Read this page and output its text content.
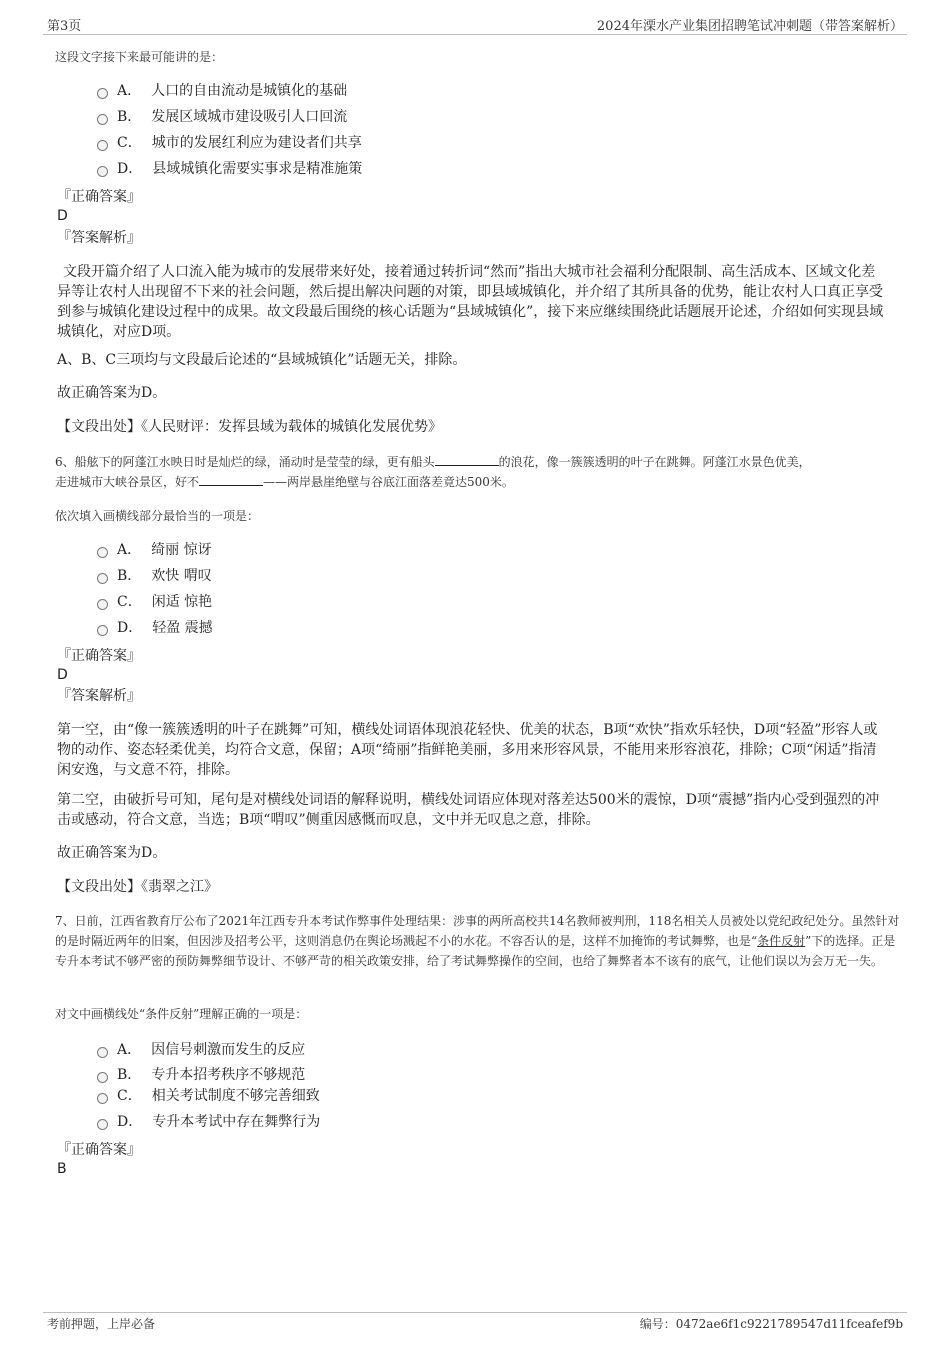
第3页	2024年溧水产业集团招聘笔试冲刺题（带答案解析）
这段文字接下来最可能讲的是：
A． 人口的自由流动是城镇化的基础
B． 发展区域城市建设吸引人口回流
C． 城市的发展红利应为建设者们共享
D． 县域城镇化需要实事求是精准施策
『正确答案』
D
『答案解析』
文段开篇介绍了人口流入能为城市的发展带来好处，接着通过转折词“然而”指出大城市社会福利分配限制、高生活成本、区域文化差异等让农村人出现留不下来的社会问题，然后提出解决问题的对策，即县域城镇化，并介绍了其所具备的优势，能让农村人口真正享受到参与城镇化建设过程中的成果。故文段最后围绕的核心话题为“县域城镇化”，接下来应继续围绕此话题展开论述，介绍如何实现县域城镇化，对应D项。
A、B、C三项均与文段最后论述的“县域城镇化”话题无关，排除。
故正确答案为D。
【文段出处】《人民财评：发挥县域为载体的城镇化发展优势》
6、船舷下的阿蓬江水映日时是灿烂的绿，涌动时是莹莹的绿，更有船头	的浪花，像一簇簇透明的叶子在跳舞。阿蓬江水景色优美，
走进城市大峡谷景区，好不	——两岸悬崖绝壁与谷底江面落差竟达500米。
依次填入画横线部分最恰当的一项是：
A． 绮丽 惊讶
B． 欢快 喟叹
C． 闲适 惊艳
D． 轻盈 震撼
『正确答案』
D
『答案解析』
第一空，由“像一簇簇透明的叶子在跳舞”可知，横线处词语体现浪花轻快、优美的状态，B项“欢快”指欢乐轻快，D项“轻盈”形容人或物的动作、姿态轻柔优美，均符合文意，保留；A项“绮丽”指鲜艳美丽，多用来形容风景，不能用来形容浪花，排除；C项“闲适”指清闲安逸，与文意不符，排除。
第二空，由破折号可知，尾句是对横线处词语的解释说明，横线处词语应体现对落差达500米的震惊，D项“震撼”指内心受到强烈的冲击或感动，符合文意，当选；B项“喟叹”侧重因感慨而叹息，文中并无叹息之意，排除。
故正确答案为D。
【文段出处】《翡翠之江》
7、日前，江西省教育厅公布了2021年江西专升本考试作弊事件处理结果：涉事的两所高校共14名教师被判刑，118名相关人员被处以党纪政纪处分。虽然针对的是时隔近两年的旧案，但因涉及招考公平，这则消息仍在舆论场溅起不小的水花。不容否认的是，这样不加掩饰的考试舞弊，也是“条件反射”下的选择。正是专升本考试不够严密的预防舞弊细节设计、不够严苛的相关政策安排，给了考试舞弊操作的空间，也给了舞弊者本不该有的底气，让他们误以为会万无一失。
对文中画横线处“条件反射”理解正确的一项是：
A． 因信号刺激而发生的反应
B． 专升本招考秩序不够规范
C． 相关考试制度不够完善细致
D． 专升本考试中存在舞弊行为
『正确答案』
B
考前押题，上岸必备	编号：0472ae6f1c9221789547d11fceafef9b
